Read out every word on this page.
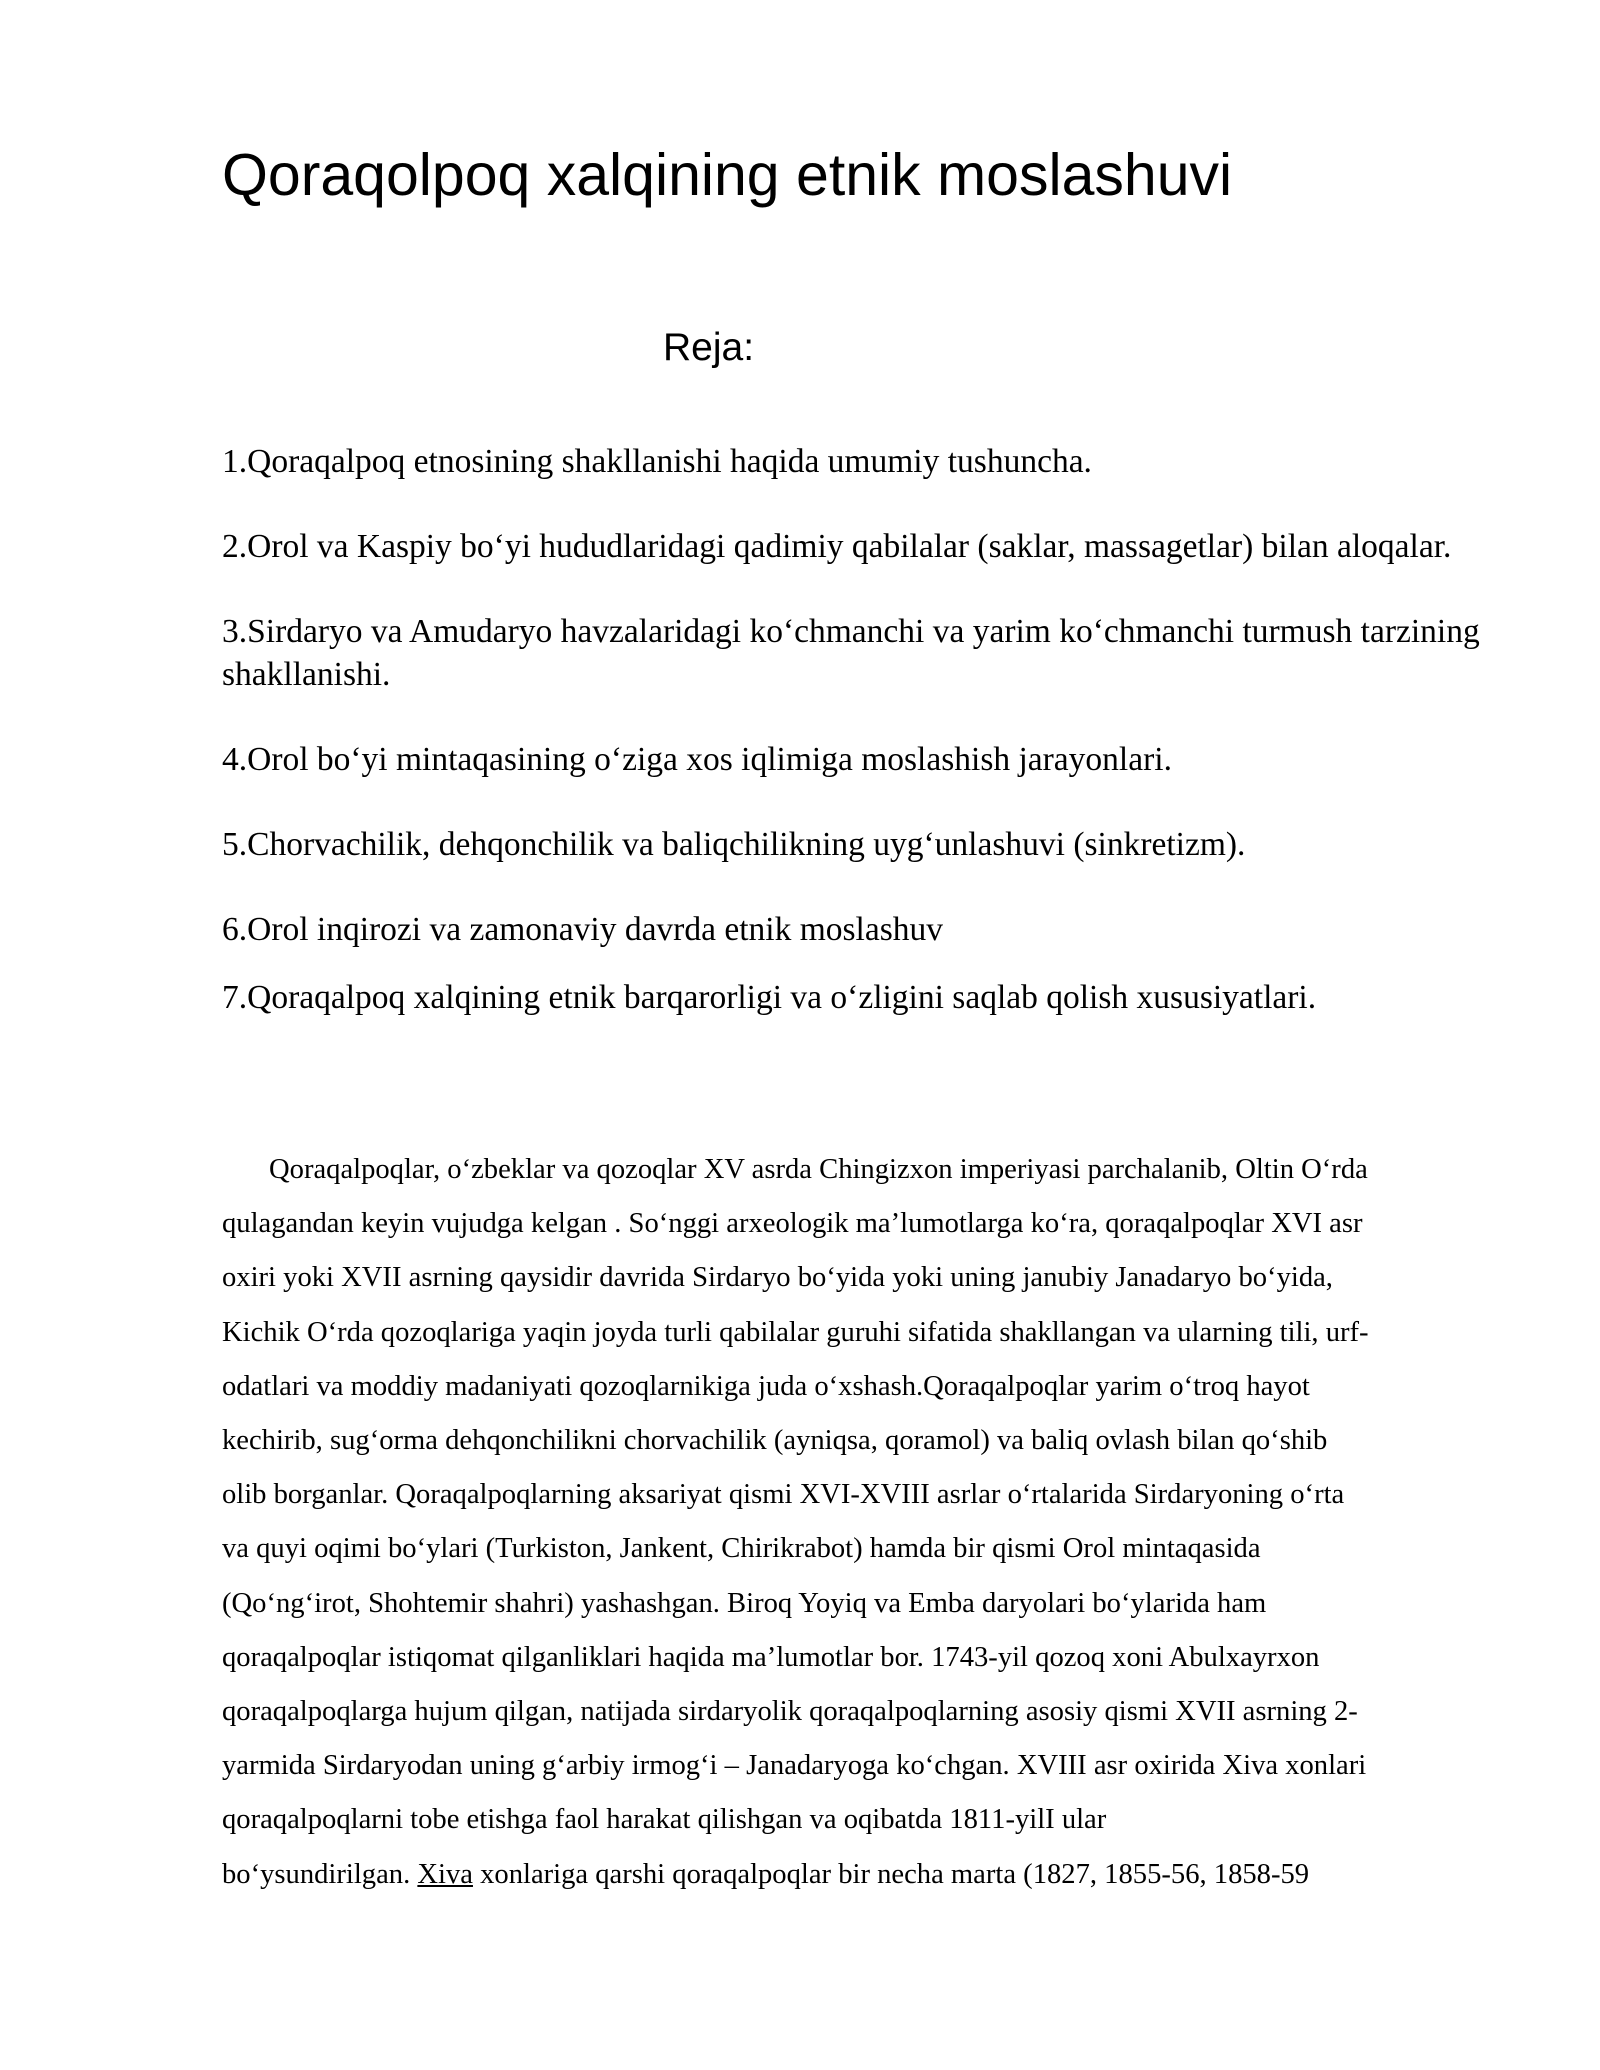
Qoraqolpoq xalqining etnik moslashuvi
Reja:
1.Qoraqalpoq etnosining shakllanishi haqida umumiy tushuncha.
2.Orol va Kaspiy boʻyi hududlaridagi qadimiy qabilalar (saklar, massagetlar) bilan aloqalar.
3.Sirdaryo va Amudaryo havzalaridagi koʻchmanchi va yarim koʻchmanchi turmush tarzining shakllanishi.
4.Orol boʻyi mintaqasining oʻziga xos iqlimiga moslashish jarayonlari.
5.Chorvachilik, dehqonchilik va baliqchilikning uygʻunlashuvi (sinkretizm).
6.Orol inqirozi va zamonaviy davrda etnik moslashuv
7.Qoraqalpoq xalqining etnik barqarorligi va oʻzligini saqlab qolish xususiyatlari.
Qoraqalpoqlar, oʻzbeklar va qozoqlar XV asrda Chingizxon imperiyasi parchalanib, Oltin Oʻrda
qulagandan keyin vujudga kelgan . Soʻnggi arxeologik maʼlumotlarga koʻra, qoraqalpoqlar XVI asr
oxiri yoki XVII asrning qaysidir davrida Sirdaryo boʻyida yoki uning janubiy Janadaryo boʻyida,
Kichik Oʻrda qozoqlariga yaqin joyda turli qabilalar guruhi sifatida shakllangan va ularning tili, urf-
odatlari va moddiy madaniyati qozoqlarnikiga juda oʻxshash.Qoraqalpoqlar yarim oʻtroq hayot
kechirib, sugʻorma dehqonchilikni chorvachilik (ayniqsa, qoramol) va baliq ovlash bilan qoʻshib
olib borganlar. Qoraqalpoqlarning aksariyat qismi XVI-XVIII asrlar oʻrtalarida Sirdaryoning oʻrta
va quyi oqimi boʻylari (Turkiston, Jankent, Chirikrabot) hamda bir qismi Orol mintaqasida
(Qoʻngʻirot, Shohtemir shahri) yashashgan. Biroq Yoyiq va Emba daryolari boʻylarida ham
qoraqalpoqlar istiqomat qilganliklari haqida maʼlumotlar bor. 1743-yil qozoq xoni Abulxayrxon
qoraqalpoqlarga hujum qilgan, natijada sirdaryolik qoraqalpoqlarning asosiy qismi XVII asrning 2-
yarmida Sirdaryodan uning gʻarbiy irmogʻi – Janadaryoga koʻchgan. XVIII asr oxirida Xiva xonlari
qoraqalpoqlarni tobe etishga faol harakat qilishgan va oqibatda 1811-yilI ular
boʻysundirilgan. Xiva xonlariga qarshi qoraqalpoqlar bir necha marta (1827, 1855-56, 1858-59
